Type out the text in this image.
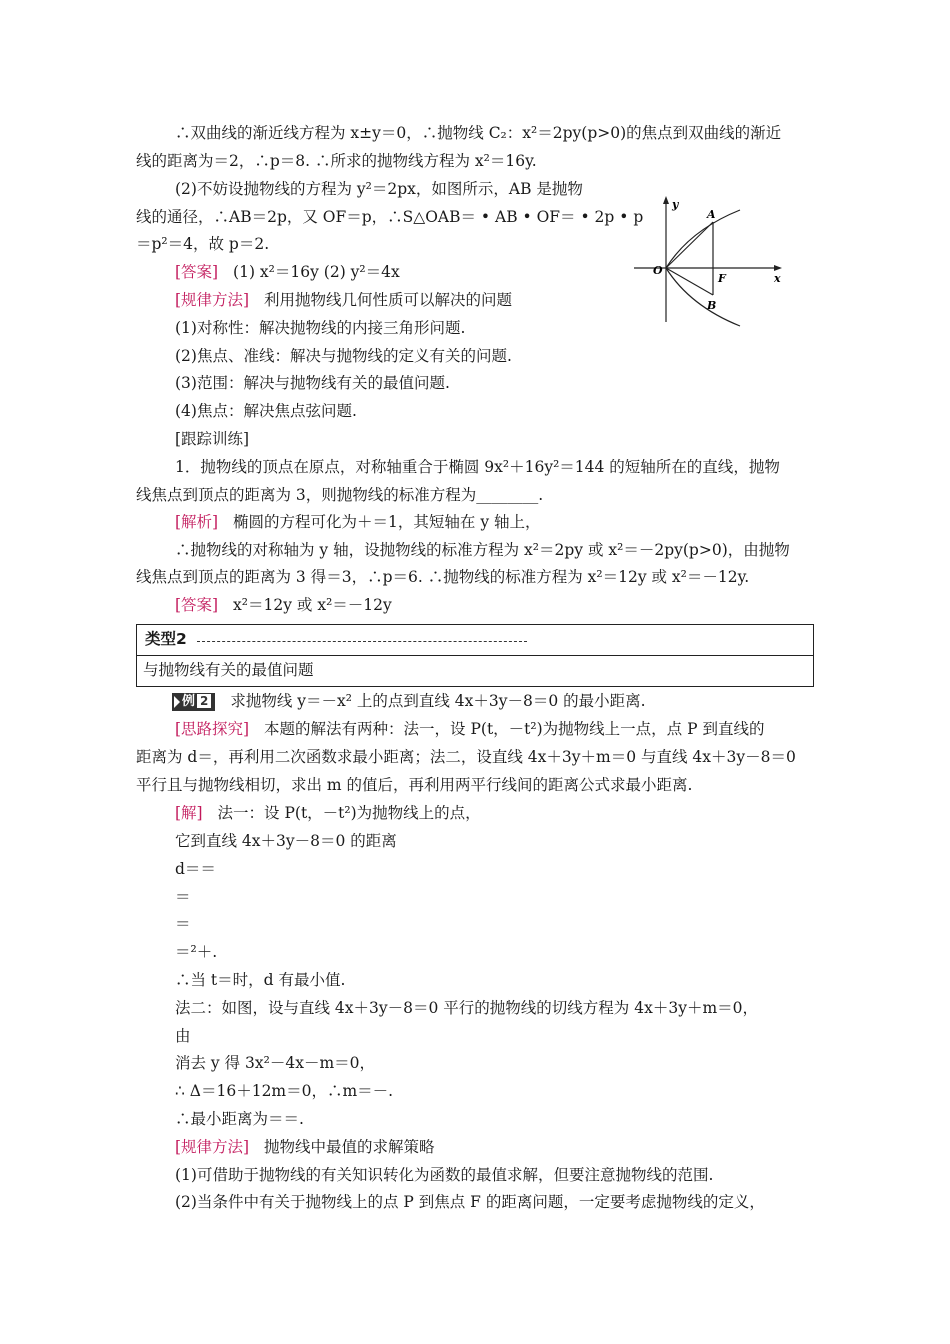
∴双曲线的渐近线方程为 x±y＝0，∴抛物线 C₂：x²＝2py(p>0)的焦点到双曲线的渐近
线的距离为＝2，∴p＝8. ∴所求的抛物线方程为 x²＝16y.
(2)不妨设抛物线的方程为 y²＝2px，如图所示，AB 是抛物
线的通径，∴AB＝2p，又 OF＝p，∴S△OAB＝ • AB • OF＝ • 2p • p
＝p²＝4，故 p＝2.
[答案] (1) x²＝16y (2) y²＝4x
[规律方法] 利用抛物线几何性质可以解决的问题
(1)对称性：解决抛物线的内接三角形问题.
(2)焦点、准线：解决与抛物线的定义有关的问题.
(3)范围：解决与抛物线有关的最值问题.
(4)焦点：解决焦点弦问题.
[跟踪训练]
1．抛物线的顶点在原点，对称轴重合于椭圆 9x²＋16y²＝144 的短轴所在的直线，抛物
线焦点到顶点的距离为 3，则抛物线的标准方程为________.
[解析] 椭圆的方程可化为＋＝1，其短轴在 y 轴上，
∴抛物线的对称轴为 y 轴，设抛物线的标准方程为 x²＝2py 或 x²＝－2py(p>0)，由抛物
线焦点到顶点的距离为 3 得＝3，∴p＝6. ∴抛物线的标准方程为 x²＝12y 或 x²＝－12y.
[答案] x²＝12y 或 x²＝－12y
类型2
与抛物线有关的最值问题
例 2 求抛物线 y＝－x² 上的点到直线 4x＋3y－8＝0 的最小距离.
[思路探究] 本题的解法有两种：法一，设 P(t，－t²)为抛物线上一点，点 P 到直线的
距离为 d＝，再利用二次函数求最小距离；法二，设直线 4x＋3y＋m＝0 与直线 4x＋3y－8＝0
平行且与抛物线相切，求出 m 的值后，再利用两平行线间的距离公式求最小距离.
[解] 法一：设 P(t，－t²)为抛物线上的点，
它到直线 4x＋3y－8＝0 的距离
d＝＝
＝
＝
＝²＋.
∴当 t＝时，d 有最小值.
法二：如图，设与直线 4x＋3y－8＝0 平行的抛物线的切线方程为 4x＋3y＋m＝0，
由
消去 y 得 3x²－4x－m＝0，
∴ Δ＝16＋12m＝0，∴m＝－.
∴最小距离为＝＝.
[规律方法] 抛物线中最值的求解策略
(1)可借助于抛物线的有关知识转化为函数的最值求解，但要注意抛物线的范围.
(2)当条件中有关于抛物线上的点 P 到焦点 F 的距离问题，一定要考虑抛物线的定义，
y
x
O
A
B
F
